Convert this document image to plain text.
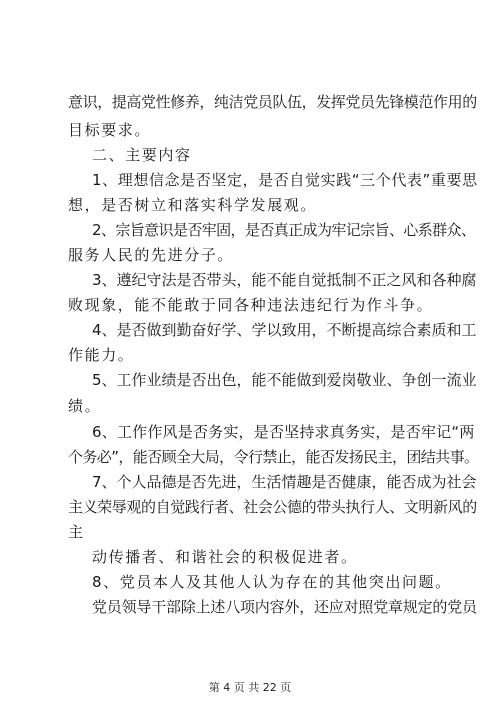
意识，提高党性修养，纯洁党员队伍，发挥党员先锋模范作用的
目标要求。
二、主要内容
1、理想信念是否坚定，是否自觉实践“三个代表”重要思
想，是否树立和落实科学发展观。
2、宗旨意识是否牢固，是否真正成为牢记宗旨、心系群众、
服务人民的先进分子。
3、遵纪守法是否带头，能不能自觉抵制不正之风和各种腐
败现象，能不能敢于同各种违法违纪行为作斗争。
4、是否做到勤奋好学、学以致用，不断提高综合素质和工
作能力。
5、工作业绩是否出色，能不能做到爱岗敬业、争创一流业
绩。
6、工作作风是否务实，是否坚持求真务实，是否牢记“两
个务必”，能否顾全大局，令行禁止，能否发扬民主，团结共事。
7、个人品德是否先进，生活情趣是否健康，能否成为社会
主义荣辱观的自觉践行者、社会公德的带头执行人、文明新风的
主
动传播者、和谐社会的积极促进者。
8、党员本人及其他人认为存在的其他突出问题。
党员领导干部除上述八项内容外，还应对照党章规定的党员
第 4 页 共 22 页
